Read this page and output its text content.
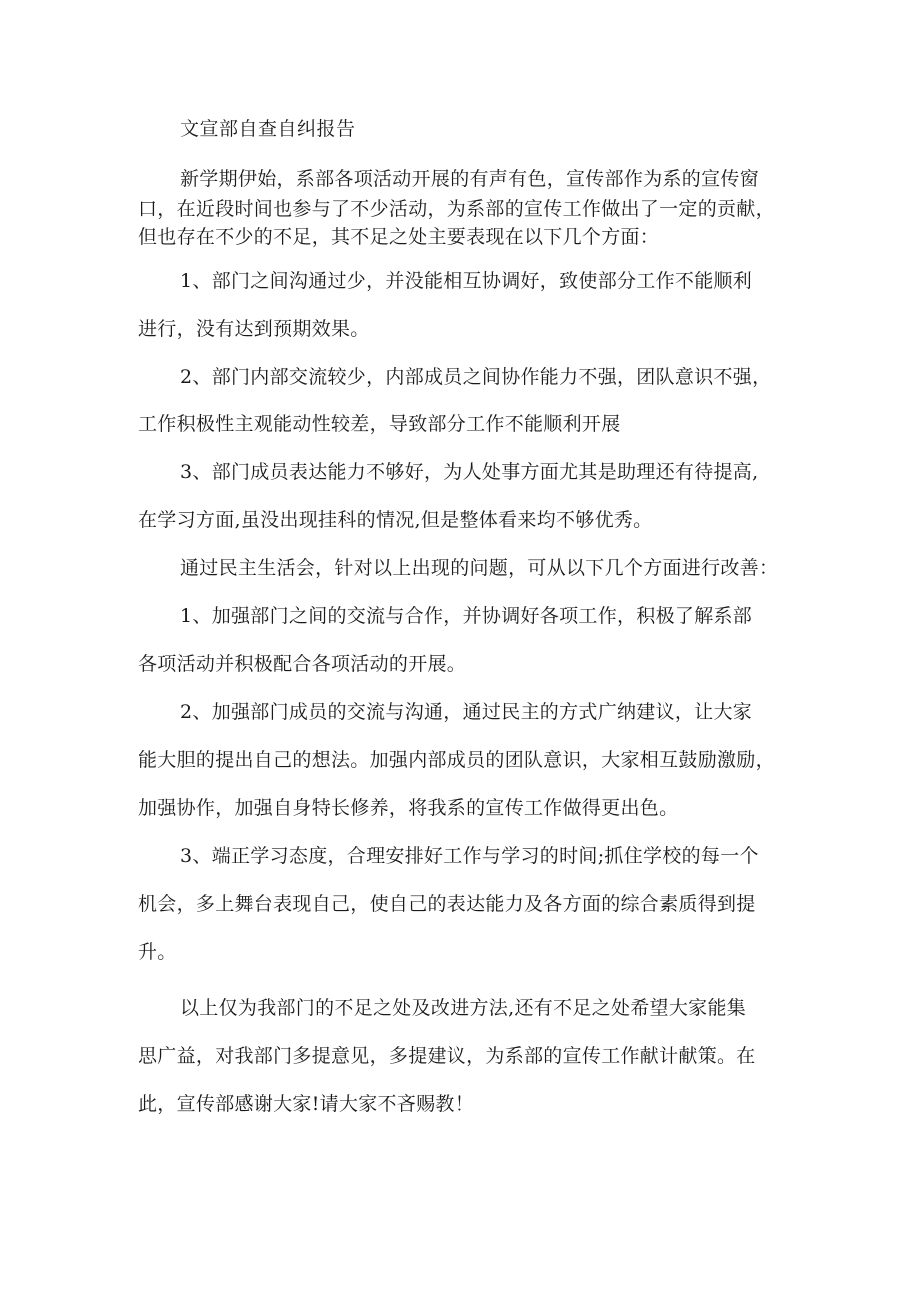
文宣部自查自纠报告
新学期伊始，系部各项活动开展的有声有色，宣传部作为系的宣传窗
口，在近段时间也参与了不少活动，为系部的宣传工作做出了一定的贡献，
但也存在不少的不足，其不足之处主要表现在以下几个方面：
1、部门之间沟通过少，并没能相互协调好，致使部分工作不能顺利
进行，没有达到预期效果。
2、部门内部交流较少，内部成员之间协作能力不强，团队意识不强，
工作积极性主观能动性较差，导致部分工作不能顺利开展
3、部门成员表达能力不够好，为人处事方面尤其是助理还有待提高,
在学习方面,虽没出现挂科的情况,但是整体看来均不够优秀。
通过民主生活会，针对以上出现的问题，可从以下几个方面进行改善：
1、加强部门之间的交流与合作，并协调好各项工作，积极了解系部
各项活动并积极配合各项活动的开展。
2、加强部门成员的交流与沟通，通过民主的方式广纳建议，让大家
能大胆的提出自己的想法。加强内部成员的团队意识，大家相互鼓励激励，
加强协作，加强自身特长修养，将我系的宣传工作做得更出色。
3、端正学习态度，合理安排好工作与学习的时间;抓住学校的每一个
机会，多上舞台表现自己，使自己的表达能力及各方面的综合素质得到提
升。
以上仅为我部门的不足之处及改进方法,还有不足之处希望大家能集
思广益，对我部门多提意见，多提建议，为系部的宣传工作献计献策。在
此，宣传部感谢大家!请大家不吝赐教！
